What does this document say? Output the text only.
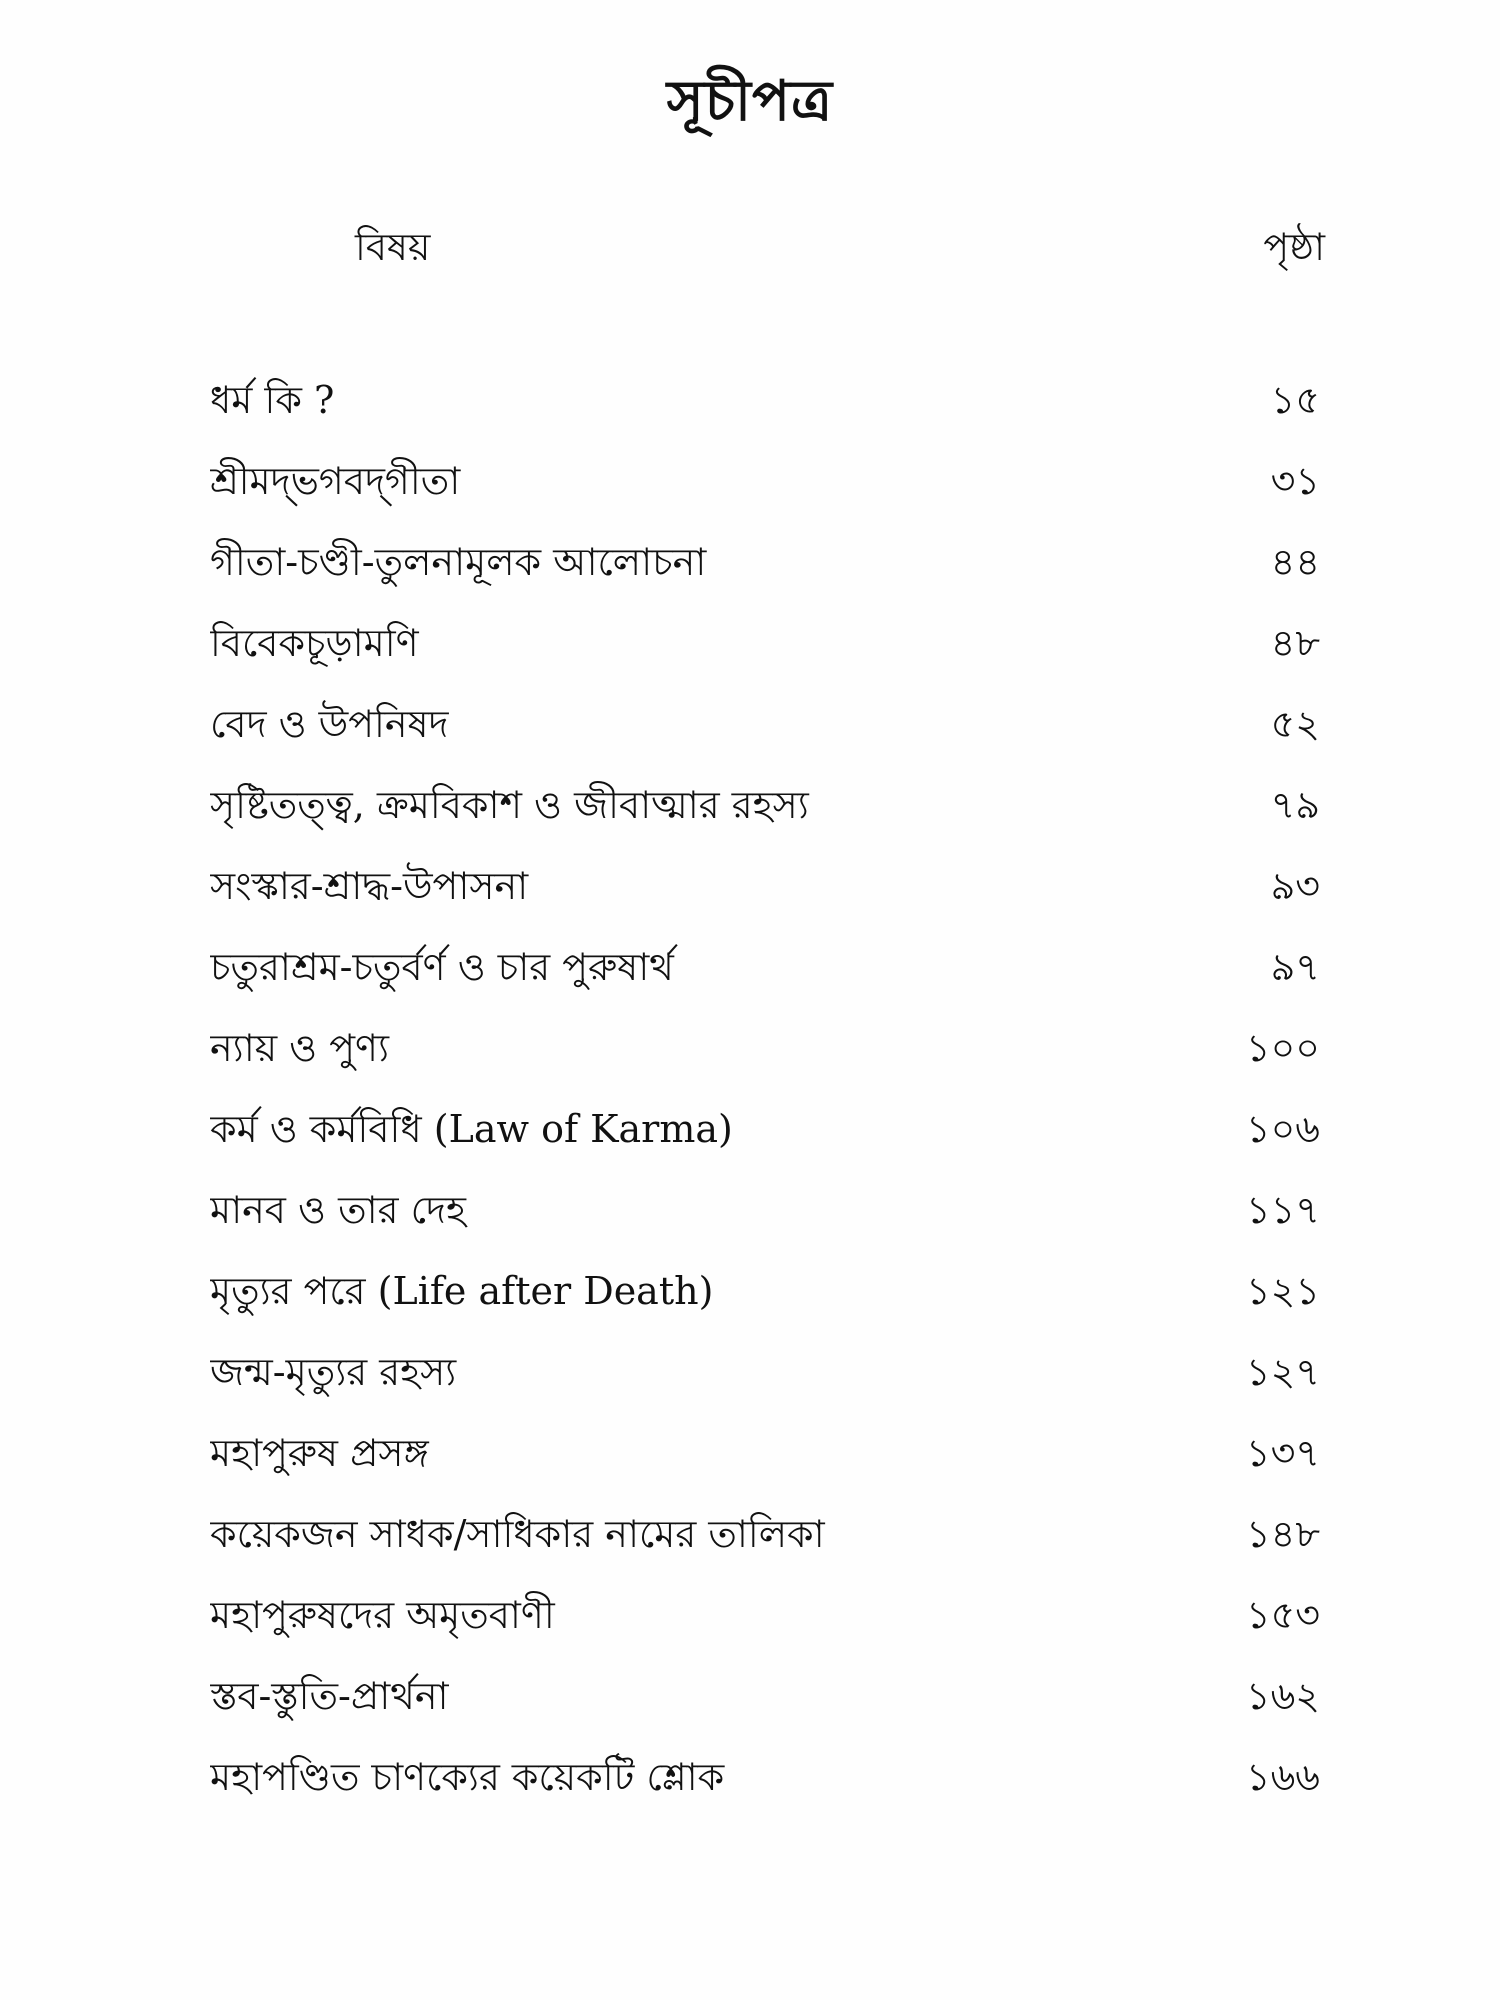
সূচীপত্র
বিষয়	পৃষ্ঠা
ধর্ম কি ?	১৫
শ্রীমদ্‌ভগবদ্‌গীতা	৩১
গীতা-চণ্ডী-তুলনামূলক আলোচনা	৪৪
বিবেকচূড়ামণি	৪৮
বেদ ও উপনিষদ	৫২
সৃষ্টিতত্ত্ব, ক্রমবিকাশ ও জীবাত্মার রহস্য	৭৯
সংস্কার-শ্রাদ্ধ-উপাসনা	৯৩
চতুরাশ্রম-চতুর্বর্ণ ও চার পুরুষার্থ	৯৭
ন্যায় ও পুণ্য	১০০
কর্ম ও কর্মবিধি (Law of Karma)	১০৬
মানব ও তার দেহ	১১৭
মৃত্যুর পরে (Life after Death)	১২১
জন্ম-মৃত্যুর রহস্য	১২৭
মহাপুরুষ প্রসঙ্গ	১৩৭
কয়েকজন সাধক/সাধিকার নামের তালিকা	১৪৮
মহাপুরুষদের অমৃতবাণী	১৫৩
স্তব-স্তুতি-প্রার্থনা	১৬২
মহাপণ্ডিত চাণক্যের কয়েকটি শ্লোক	১৬৬
